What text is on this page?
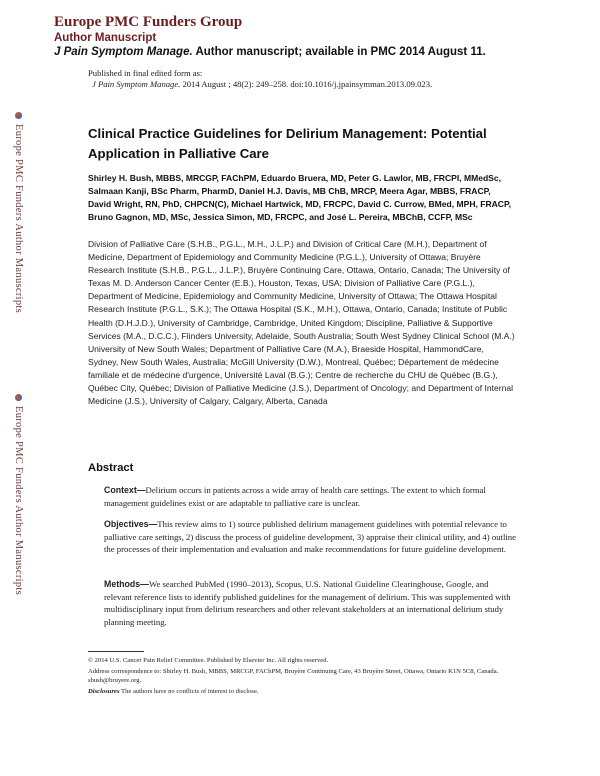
Europe PMC Funders Group
Author Manuscript
J Pain Symptom Manage. Author manuscript; available in PMC 2014 August 11.
Published in final edited form as:
J Pain Symptom Manage. 2014 August ; 48(2): 249–258. doi:10.1016/j.jpainsymman.2013.09.023.
Europe PMC Funders Author Manuscripts
Europe PMC Funders Author Manuscripts
Clinical Practice Guidelines for Delirium Management: Potential Application in Palliative Care
Shirley H. Bush, MBBS, MRCGP, FAChPM, Eduardo Bruera, MD, Peter G. Lawlor, MB, FRCPI, MMedSc, Salmaan Kanji, BSc Pharm, PharmD, Daniel H.J. Davis, MB ChB, MRCP, Meera Agar, MBBS, FRACP, David Wright, RN, PhD, CHPCN(C), Michael Hartwick, MD, FRCPC, David C. Currow, BMed, MPH, FRACP, Bruno Gagnon, MD, MSc, Jessica Simon, MD, FRCPC, and José L. Pereira, MBChB, CCFP, MSc
Division of Palliative Care (S.H.B., P.G.L., M.H., J.L.P.) and Division of Critical Care (M.H.), Department of Medicine, Department of Epidemiology and Community Medicine (P.G.L.), University of Ottawa; Bruyère Research Institute (S.H.B., P.G.L., J.L.P.), Bruyère Continuing Care, Ottawa, Ontario, Canada; The University of Texas M. D. Anderson Cancer Center (E.B.), Houston, Texas, USA; Division of Palliative Care (P.G.L.), Department of Medicine, Epidemiology and Community Medicine, University of Ottawa; The Ottawa Hospital Research Institute (P.G.L., S.K.); The Ottawa Hospital (S.K., M.H.), Ottawa, Ontario, Canada; Institute of Public Health (D.H.J.D.), University of Cambridge, Cambridge, United Kingdom; Discipline, Palliative & Supportive Services (M.A., D.C.C.), Flinders University, Adelaide, South Australia; South West Sydney Clinical School (M.A.) University of New South Wales; Department of Palliative Care (M.A.), Braeside Hospital, HammondCare, Sydney, New South Wales, Australia; McGill University (D.W.), Montreal, Québec; Département de médecine familiale et de médecine d'urgence, Université Laval (B.G.); Centre de recherche du CHU de Québec (B.G.), Québec City, Québec; Division of Palliative Medicine (J.S.), Department of Oncology; and Department of Internal Medicine (J.S.), University of Calgary, Calgary, Alberta, Canada
Abstract
Context—Delirium occurs in patients across a wide array of health care settings. The extent to which formal management guidelines exist or are adaptable to palliative care is unclear.
Objectives—This review aims to 1) source published delirium management guidelines with potential relevance to palliative care settings, 2) discuss the process of guideline development, 3) appraise their clinical utility, and 4) outline the processes of their implementation and evaluation and make recommendations for future guideline development.
Methods—We searched PubMed (1990–2013), Scopus, U.S. National Guideline Clearinghouse, Google, and relevant reference lists to identify published guidelines for the management of delirium. This was supplemented with multidisciplinary input from delirium researchers and other relevant stakeholders at an international delirium study planning meeting.

© 2014 U.S. Cancer Pain Relief Committee. Published by Elsevier Inc. All rights reserved.

Address correspondence to: Shirley H. Bush, MBBS, MRCGP, FAChPM, Bruyère Continuing Care, 43 Bruyère Street, Ottawa, Ontario K1N 5C8, Canada. sbush@bruyere.org.

Disclosures The authors have no conflicts of interest to disclose.
